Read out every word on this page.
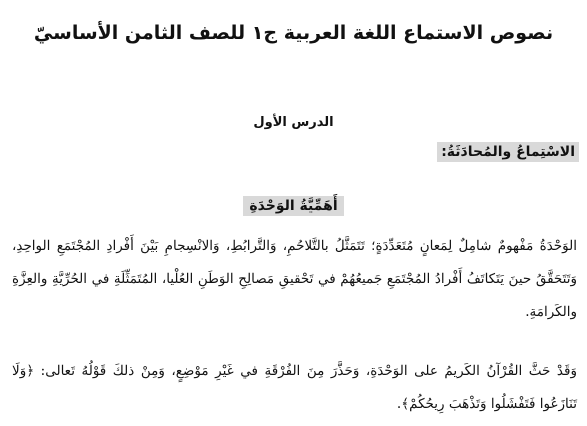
نصوص الاستماع اللغة العربية ج١ للصف الثامن الأساسيّ
الدرس الأول
الاسْتِماعُ والمُحادَثَةُ:
أَهَمِّيَّةُ الوَحْدَةِ

الوَحْدَةُ مَفْهومٌ شامِلٌ لِمَعانٍ مُتَعَدِّدَةٍ؛ تَتَمَثَّلُ بالتَّلاحُمِ، وَالتَّرابُطِ، وَالانْسِجامِ بَيْنَ أَفْرادِ المُجْتَمَعِ الواحِدِ، وَتَتَحَقَّقُ حينَ يَتَكاتَفُ أَفْرادُ المُجْتَمَعِ جَميعُهُمْ في تَحْقيقِ مَصالِحِ الوَطَنِ العُلْيا، المُتَمَثِّلَةِ في الحُرِّيَّةِ والعِزَّةِ والكَرامَةِ.

وَقَدْ حَثَّ القُرْآنُ الكَريمُ على الوَحْدَةِ، وَحَذَّرَ مِنَ الفُرْقَةِ في غَيْرِ مَوْضِعٍ، وَمِنْ ذلكَ قَوْلُهُ تَعالى: ﴿وَلَا تَنَازَعُوا فَتَفْشَلُوا وَتَذْهَبَ رِيحُكُمْ﴾.
